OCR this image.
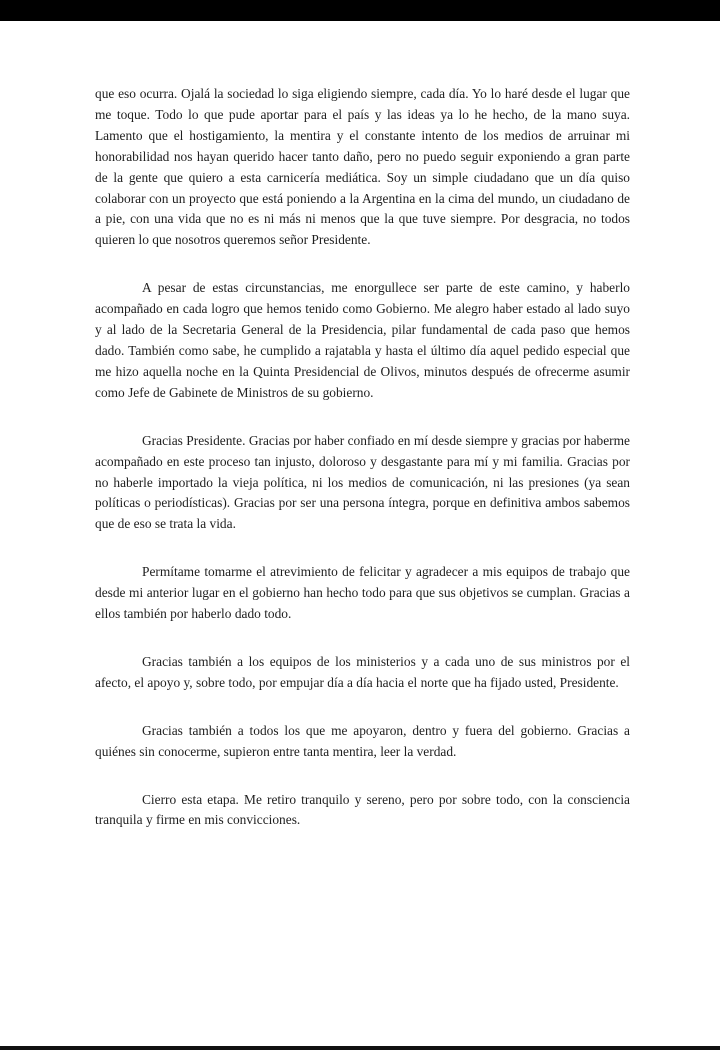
que eso ocurra. Ojalá la sociedad lo siga eligiendo siempre, cada día. Yo lo haré desde el lugar que me toque. Todo lo que pude aportar para el país y las ideas ya lo he hecho, de la mano suya. Lamento que el hostigamiento, la mentira y el constante intento de los medios de arruinar mi honorabilidad nos hayan querido hacer tanto daño, pero no puedo seguir exponiendo a gran parte de la gente que quiero a esta carnicería mediática. Soy un simple ciudadano que un día quiso colaborar con un proyecto que está poniendo a la Argentina en la cima del mundo, un ciudadano de a pie, con una vida que no es ni más ni menos que la que tuve siempre. Por desgracia, no todos quieren lo que nosotros queremos señor Presidente.

A pesar de estas circunstancias, me enorgullece ser parte de este camino, y haberlo acompañado en cada logro que hemos tenido como Gobierno. Me alegro haber estado al lado suyo y al lado de la Secretaria General de la Presidencia, pilar fundamental de cada paso que hemos dado. También como sabe, he cumplido a rajatabla y hasta el último día aquel pedido especial que me hizo aquella noche en la Quinta Presidencial de Olivos, minutos después de ofrecerme asumir como Jefe de Gabinete de Ministros de su gobierno.

Gracias Presidente. Gracias por haber confiado en mí desde siempre y gracias por haberme acompañado en este proceso tan injusto, doloroso y desgastante para mí y mi familia. Gracias por no haberle importado la vieja política, ni los medios de comunicación, ni las presiones (ya sean políticas o periodísticas). Gracias por ser una persona íntegra, porque en definitiva ambos sabemos que de eso se trata la vida.

Permítame tomarme el atrevimiento de felicitar y agradecer a mis equipos de trabajo que desde mi anterior lugar en el gobierno han hecho todo para que sus objetivos se cumplan. Gracias a ellos también por haberlo dado todo.

Gracias también a los equipos de los ministerios y a cada uno de sus ministros por el afecto, el apoyo y, sobre todo, por empujar día a día hacia el norte que ha fijado usted, Presidente.

Gracias también a todos los que me apoyaron, dentro y fuera del gobierno. Gracias a quiénes sin conocerme, supieron entre tanta mentira, leer la verdad.

Cierro esta etapa. Me retiro tranquilo y sereno, pero por sobre todo, con la consciencia tranquila y firme en mis convicciones.
